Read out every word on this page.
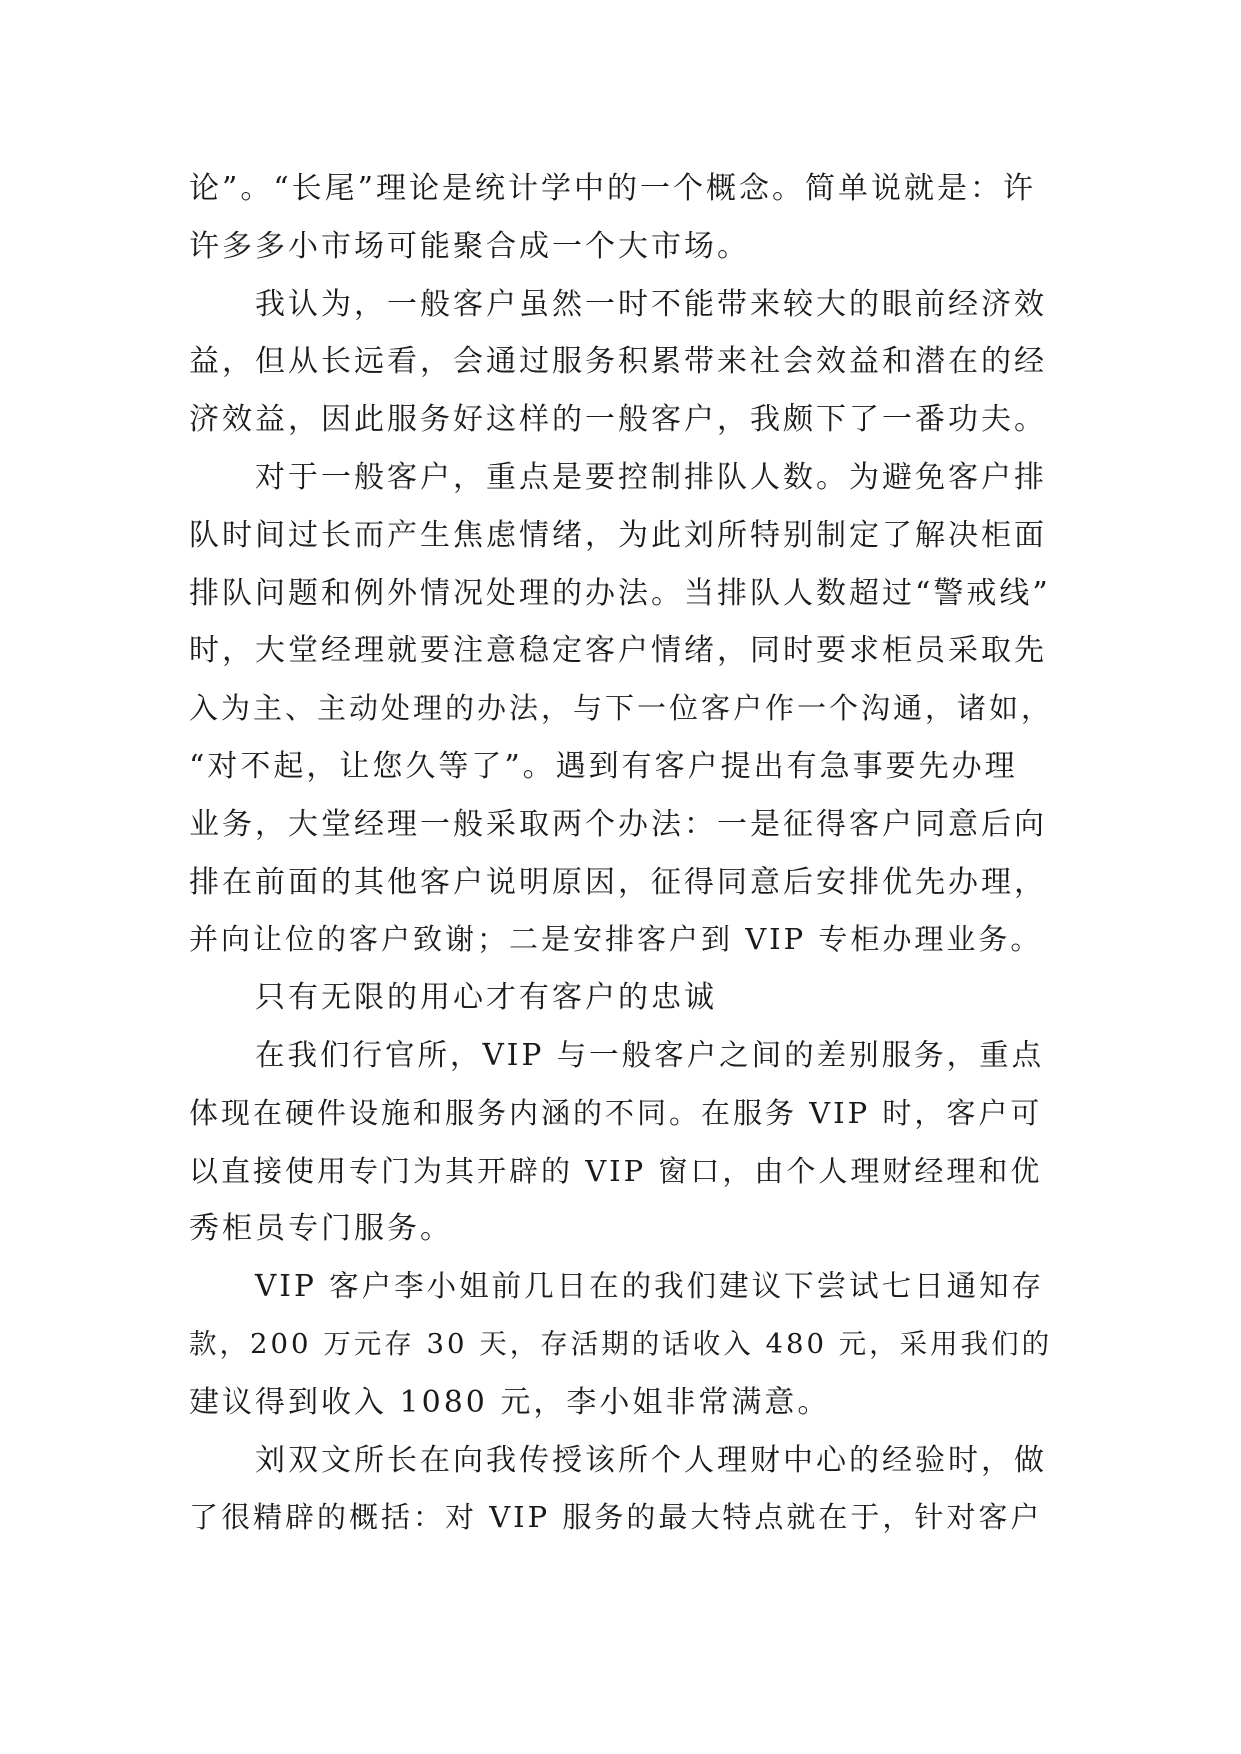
论”。“长尾”理论是统计学中的一个概念。简单说就是：许
许多多小市场可能聚合成一个大市场。
我认为，一般客户虽然一时不能带来较大的眼前经济效
益，但从长远看，会通过服务积累带来社会效益和潜在的经
济效益，因此服务好这样的一般客户，我颇下了一番功夫。
对于一般客户，重点是要控制排队人数。为避免客户排
队时间过长而产生焦虑情绪，为此刘所特别制定了解决柜面
排队问题和例外情况处理的办法。当排队人数超过“警戒线”
时，大堂经理就要注意稳定客户情绪，同时要求柜员采取先
入为主、主动处理的办法，与下一位客户作一个沟通，诸如，
“对不起，让您久等了”。遇到有客户提出有急事要先办理
业务，大堂经理一般采取两个办法：一是征得客户同意后向
排在前面的其他客户说明原因，征得同意后安排优先办理，
并向让位的客户致谢；二是安排客户到 VIP 专柜办理业务。
只有无限的用心才有客户的忠诚
在我们行官所，VIP 与一般客户之间的差别服务，重点
体现在硬件设施和服务内涵的不同。在服务 VIP 时，客户可
以直接使用专门为其开辟的 VIP 窗口，由个人理财经理和优
秀柜员专门服务。
VIP 客户李小姐前几日在的我们建议下尝试七日通知存
款，200 万元存 30 天，存活期的话收入 480 元，采用我们的
建议得到收入 1080 元，李小姐非常满意。
刘双文所长在向我传授该所个人理财中心的经验时，做
了很精辟的概括：对 VIP 服务的最大特点就在于，针对客户
